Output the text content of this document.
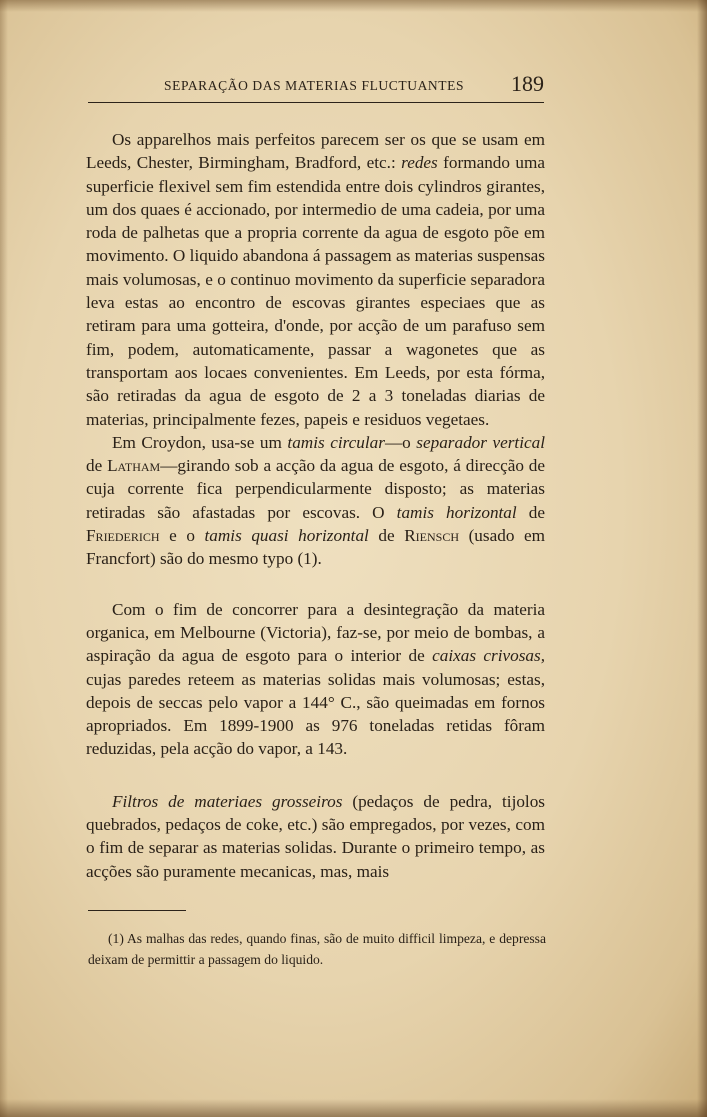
SEPARAÇÃO DAS MATERIAS FLUCTUANTES 189

Os apparelhos mais perfeitos parecem ser os que se usam em Leeds, Chester, Birmingham, Bradford, etc.: redes formando uma superficie flexivel sem fim estendida entre dois cylindros girantes, um dos quaes é accionado, por intermedio de uma cadeia, por uma roda de palhetas que a propria corrente da agua de esgoto põe em movimento. O liquido abandona á passagem as materias suspensas mais volumosas, e o continuo movimento da superficie separadora leva estas ao encontro de escovas girantes especiaes que as retiram para uma gotteira, d'onde, por acção de um parafuso sem fim, podem, automaticamente, passar a wagonetes que as transportam aos locaes convenientes. Em Leeds, por esta fórma, são retiradas da agua de esgoto de 2 a 3 toneladas diarias de materias, principalmente fezes, papeis e residuos vegetaes.

Em Croydon, usa-se um tamis circular—o separador vertical de Latham—girando sob a acção da agua de esgoto, á direcção de cuja corrente fica perpendicularmente disposto; as materias retiradas são afastadas por escovas. O tamis horizontal de Friederich e o tamis quasi horizontal de Riensch (usado em Francfort) são do mesmo typo (1).

Com o fim de concorrer para a desintegração da materia organica, em Melbourne (Victoria), faz-se, por meio de bombas, a aspiração da agua de esgoto para o interior de caixas crivosas, cujas paredes reteem as materias solidas mais volumosas; estas, depois de seccas pelo vapor a 144° C., são queimadas em fornos apropriados. Em 1899-1900 as 976 toneladas retidas fôram reduzidas, pela acção do vapor, a 143.

Filtros de materiaes grosseiros (pedaços de pedra, tijolos quebrados, pedaços de coke, etc.) são empregados, por vezes, com o fim de separar as materias solidas. Durante o primeiro tempo, as acções são puramente mecanicas, mas, mais

(1) As malhas das redes, quando finas, são de muito difficil limpeza, e depressa deixam de permittir a passagem do liquido.
